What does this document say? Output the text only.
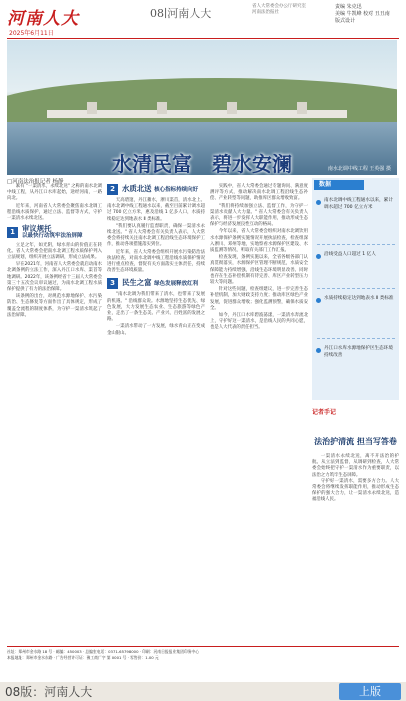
河南人大
2025年6月11日
08∣河南人大
省人大常委会办公厅研究室
河南法治报社
责编 朱克迅
美编 牛凯峰 校对 丑丑南
版式设计
水清民富　碧水安澜	南水北调中线工程 王英强 摄
□河南法治报记者 杨静

素有 "一渠清水，永续北送" 之称的南水北调中线工程，从丹江口水库起始，途经河南，一路向北。

近年来，河南省人大常委会聚焦南水北调工程沿线水质保护，通过立法、监督等方式，守护一渠清水永续北送。

1 审议规托
以最快行动筑牢法治屏障

立足之年，如光阴，绿水青山的价值正在转化。省人大常委会把南水北调工程水质保护列入立法规划，组织开展立法调研，形成立法成果。

早在2021年，河南省人大常委会就启动南水北调条例的立法工作，深入丹江口水库、渠首等地调研。2022年，该条例经省十三届人大常委会第三十五次会议审议通过，为南水北调工程水质保护提供了有力的法治保障。

该条例的出台，对规范水源地保护、水污染防治、生态修复等方面作出了具体规定，形成了覆盖全流程的制度体系，为守护一渠清水筑起了法治屏障。

2 水质北送 核心指标持续向好

天高碧邃，丹江蓄水，淅川渠首，清水北上。南水北调中线工程通水以来，截至目前累计调水超过 700 亿立方米，惠及沿线 1 亿多人口，水质持续稳定达到地表水 Ⅱ 类标准。

"我们要认真履行监督职责，确保一渠清水永续北送。" 省人大常委会有关负责人表示，人大常委会将持续关注南水北调工程沿线生态环境保护工作，推动各项措施落实到位。

近年来，省人大常委会组织开展水污染防治法执法检查，对南水北调中线工程沿线水质保护情况进行重点检查，督促有关方面落实主体责任，持续改善生态环境质量。

3 民生之富 绿色发展释放红利

"南水北调为我们带来了清水，也带来了发展的机遇。" 沿线群众说。水源地坚持生态优先、绿色发展，大力发展生态农业、生态旅游等绿色产业，走出了一条生态美、产业兴、百姓富的发展之路。

一渠清水带动了一方发展，绿水青山正在变成金山银山。

实践中，省人大常委会通过专题询问、满意度测评等方式，推动解决南水北调工程沿线生态补偿、产业转型等问题，助推库区群众增收致富。

"我们将持续加强立法、监督工作，为守护一渠清水贡献人大力量。" 省人大常委会有关负责人表示，将进一步发挥人大职能作用，推动形成生态保护与经济发展良性互动的格局。

今年以来，省人大常委会组织对南水北调饮用水水源保护条例实施情况开展执法检查，检查组深入淅川、邓州等地，实地察看水源保护区建设、水质监测等情况，听取有关部门工作汇报。

检查发现，条例实施以来，全省各级各部门认真贯彻落实，水源保护区管理不断规范，水质安全保障能力持续增强，沿线生态环境明显改善。同时也存在生态补偿机制有待完善、库区产业转型压力较大等问题。

针对这些问题，检查组建议，进一步完善生态补偿机制，加大财政支持力度；推动库区绿色产业发展，促进群众增收；强化监测预警，确保水质安全。

如今，丹江口水库碧波荡漾，一渠清水奔流北上，守护好这一渠清水，是沿线人民的共同心愿，也是人大代表的责任担当。

数据
南水北调中线工程通水以来，累计调水超过 700 亿立方米
沿线受益人口超过 1 亿人
水质持续稳定达到地表水 Ⅱ 类标准
丹江口水库水源地保护区生态环境持续改善
记者手记
法治护清流 担当写答卷

一渠清水永续北送，离不开法治的护航。从立法到监督，从调研到检查，人大常委会始终把守护一渠清水作为重要职责，以法治之力筑牢生态屏障。

守护好一渠清水，需要多方合力。人大常委会将继续发挥职能作用，推动形成生态保护的强大合力，让一渠清水永续北送，造福沿线人民。

社址：郑州市金水路 18 号 · 邮编：450003 · 总编室电话：0371-65798000 · 印刷：河南日报报业集团印务中心
本报地址：郑州市金水东路 · 广告经营许可证：豫工商广字 第 0001 号 · 零售价：1.00 元
08版：河南人大	上版
